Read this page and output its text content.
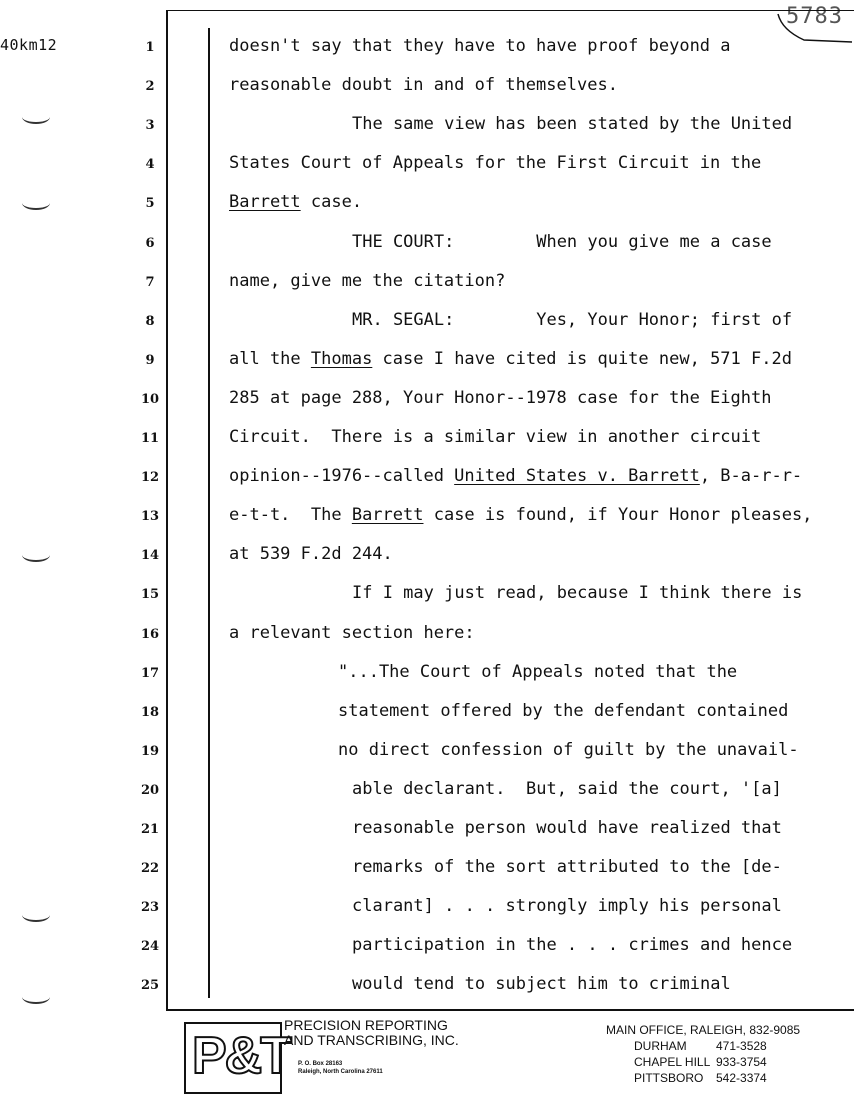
40km12
5783
1	doesn't say that they have to have proof beyond a
2	reasonable doubt in and of themselves.
3	The same view has been stated by the United
4	States Court of Appeals for the First Circuit in the
5	Barrett case.
6	THE COURT:        When you give me a case
7	name, give me the citation?
8	MR. SEGAL:        Yes, Your Honor; first of
9	all the Thomas case I have cited is quite new, 571 F.2d
10	285 at page 288, Your Honor--1978 case for the Eighth
11	Circuit.  There is a similar view in another circuit
12	opinion--1976--called United States v. Barrett, B-a-r-r-
13	e-t-t.  The Barrett case is found, if Your Honor pleases,
14	at 539 F.2d 244.
15	If I may just read, because I think there is
16	a relevant section here:
17	"...The Court of Appeals noted that the
18	statement offered by the defendant contained
19	no direct confession of guilt by the unavail-
20	able declarant.  But, said the court, '[a]
21	reasonable person would have realized that
22	remarks of the sort attributed to the [de-
23	clarant] . . . strongly imply his personal
24	participation in the . . . crimes and hence
25	would tend to subject him to criminal
P&T
PRECISION REPORTING
AND TRANSCRIBING, INC.
P. O. Box 28163
Raleigh, North Carolina 27611
MAIN OFFICE, RALEIGH, 832-9085
DURHAM	471-3528
CHAPEL HILL 933-3754
PITTSBORO	542-3374
